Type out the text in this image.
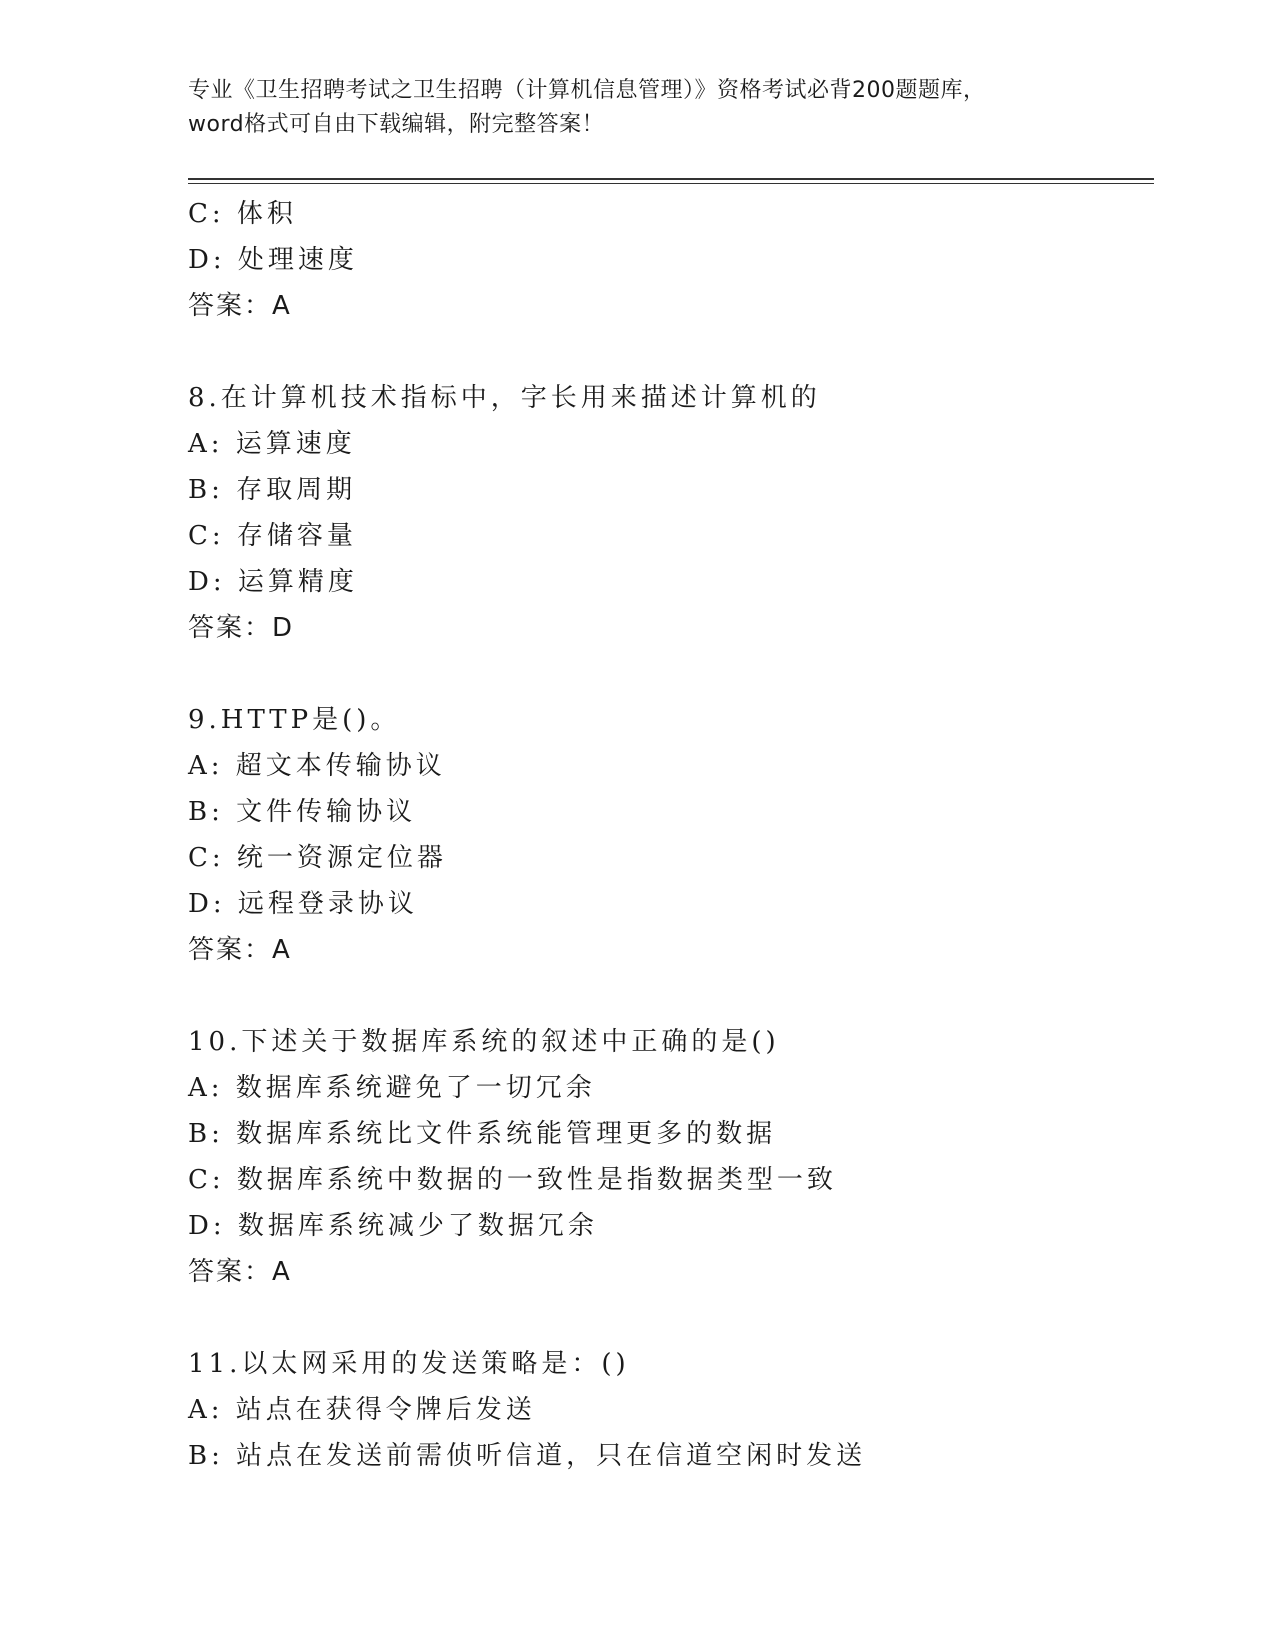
专业《卫生招聘考试之卫生招聘（计算机信息管理）》资格考试必背200题题库，
word格式可自由下载编辑，附完整答案！
C: 体积
D: 处理速度
答案：A
8.在计算机技术指标中，字长用来描述计算机的
A: 运算速度
B: 存取周期
C: 存储容量
D: 运算精度
答案：D
9.HTTP是()。
A: 超文本传输协议
B: 文件传输协议
C: 统一资源定位器
D: 远程登录协议
答案：A
10.下述关于数据库系统的叙述中正确的是()
A: 数据库系统避免了一切冗余
B: 数据库系统比文件系统能管理更多的数据
C: 数据库系统中数据的一致性是指数据类型一致
D: 数据库系统减少了数据冗余
答案：A
11.以太网采用的发送策略是：()
A: 站点在获得令牌后发送
B: 站点在发送前需侦听信道，只在信道空闲时发送
